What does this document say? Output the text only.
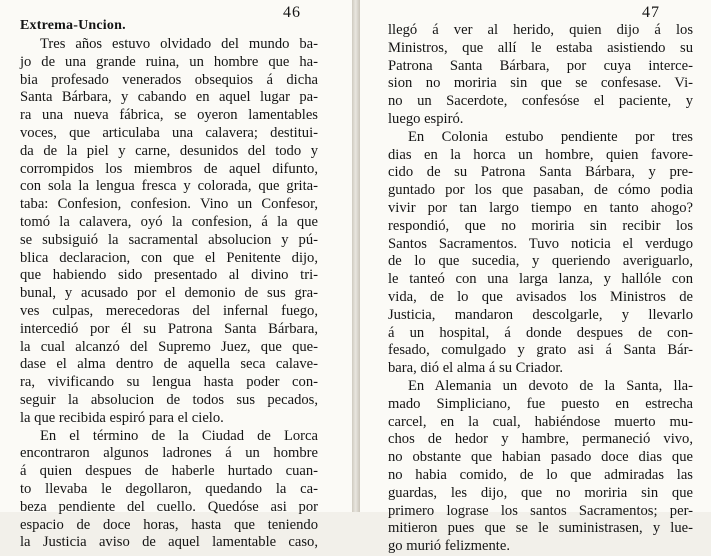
46
Extrema-Uncion.
Tres años estuvo olvidado del mundo ba-
jo de una grande ruina, un hombre que ha-
bia profesado venerados obsequios á dicha
Santa Bárbara, y cabando en aquel lugar pa-
ra una nueva fábrica, se oyeron lamentables
voces, que articulaba una calavera; destitui-
da de la piel y carne, desunidos del todo y
corrompidos los miembros de aquel difunto,
con sola la lengua fresca y colorada, que grita-
taba: Confesion, confesion. Vino un Confesor,
tomó la calavera, oyó la confesion, á la que
se subsiguió la sacramental absolucion y pú-
blica declaracion, con que el Penitente dijo,
que habiendo sido presentado al divino tri-
bunal, y acusado por el demonio de sus gra-
ves culpas, merecedoras del infernal fuego,
intercedió por él su Patrona Santa Bárbara,
la cual alcanzó del Supremo Juez, que que-
dase el alma dentro de aquella seca calave-
ra, vivificando su lengua hasta poder con-
seguir la absolucion de todos sus pecados,
la que recibida espiró para el cielo.
En el término de la Ciudad de Lorca
encontraron algunos ladrones á un hombre
á quien despues de haberle hurtado cuan-
to llevaba le degollaron, quedando la ca-
beza pendiente del cuello. Quedóse asi por
espacio de doce horas, hasta que teniendo
la Justicia aviso de aquel lamentable caso,
47
llegó á ver al herido, quien dijo á los
Ministros, que allí le estaba asistiendo su
Patrona Santa Bárbara, por cuya interce-
sion no moriria sin que se confesase. Vi-
no un Sacerdote, confesóse el paciente, y
luego espiró.
En Colonia estubo pendiente por tres
dias en la horca un hombre, quien favore-
cido de su Patrona Santa Bárbara, y pre-
guntado por los que pasaban, de cómo podia
vivir por tan largo tiempo en tanto ahogo?
respondió, que no moriria sin recibir los
Santos Sacramentos. Tuvo noticia el verdugo
de lo que sucedia, y queriendo averiguarlo,
le tanteó con una larga lanza, y hallóle con
vida, de lo que avisados los Ministros de
Justicia, mandaron descolgarle, y llevarlo
á un hospital, á donde despues de con-
fesado, comulgado y grato asi á Santa Bár-
bara, dió el alma á su Criador.
En Alemania un devoto de la Santa, lla-
mado Simpliciano, fue puesto en estrecha
carcel, en la cual, habiéndose muerto mu-
chos de hedor y hambre, permaneció vivo,
no obstante que habian pasado doce dias que
no habia comido, de lo que admiradas las
guardas, les dijo, que no moriria sin que
primero lograse los santos Sacramentos; per-
mitieron pues que se le suministrasen, y lue-
go murió felizmente.
